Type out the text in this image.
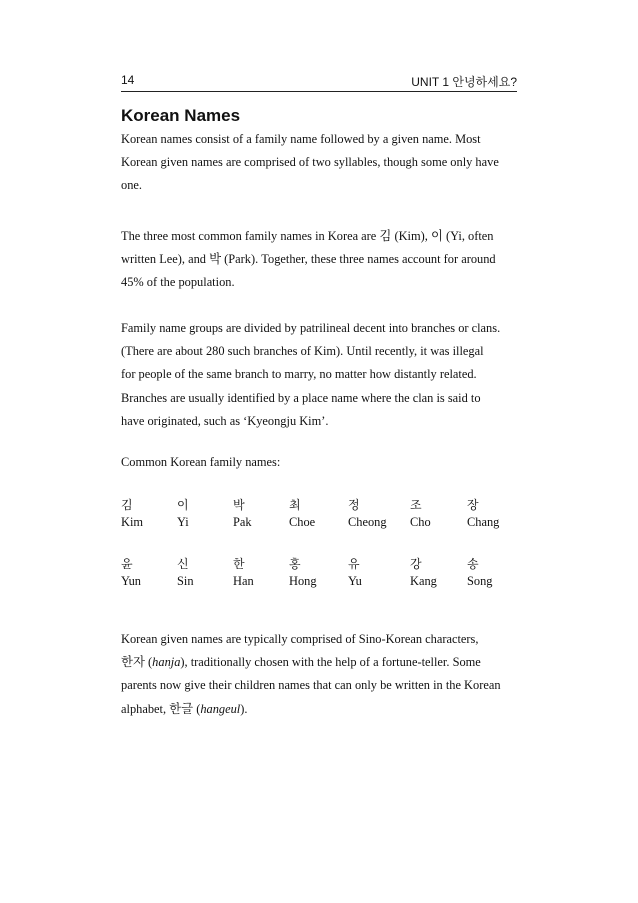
14	UNIT 1 안녕하세요?
Korean Names

Korean names consist of a family name followed by a given name. Most
Korean given names are comprised of two syllables, though some only have
one.

The three most common family names in Korea are 김 (Kim), 이 (Yi, often
written Lee), and 박 (Park). Together, these three names account for around
45% of the population.

Family name groups are divided by patrilineal decent into branches or clans.
(There are about 280 such branches of Kim). Until recently, it was illegal
for people of the same branch to marry, no matter how distantly related.
Branches are usually identified by a place name where the clan is said to
have originated, such as ‘Kyeongju Kim’.

Common Korean family names:

김
Kim
이
Yi
박
Pak
최
Choe
정
Cheong
조
Cho
장
Chang
윤
Yun
신
Sin
한
Han
홍
Hong
유
Yu
강
Kang
송
Song

Korean given names are typically comprised of Sino-Korean characters,
한자 (hanja), traditionally chosen with the help of a fortune-teller. Some
parents now give their children names that can only be written in the Korean
alphabet, 한글 (hangeul).
